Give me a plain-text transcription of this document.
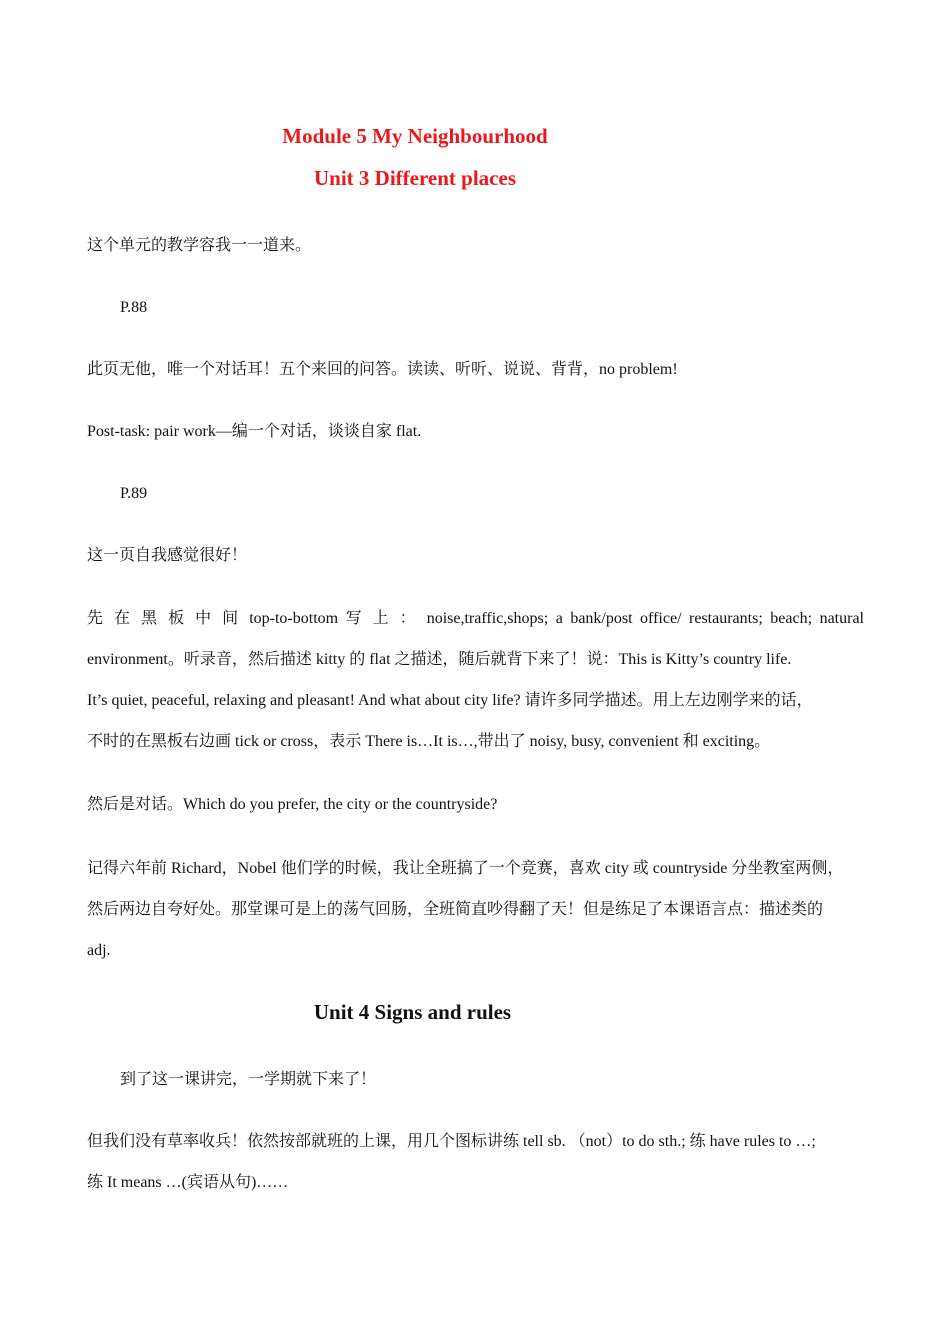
Module 5 My Neighbourhood
Unit 3 Different places
这个单元的教学容我一一道来。
P.88
此页无他，唯一个对话耳！五个来回的问答。读读、听听、说说、背背，no problem!
Post-task: pair work—编一个对话，谈谈自家 flat.
P.89
这一页自我感觉很好！
先 在 黑 板 中 间 top-to-bottom 写 上 ： noise,traffic,shops; a bank/post office/ restaurants; beach; natural
environment。听录音，然后描述 kitty 的 flat 之描述，随后就背下来了！说：This is Kitty’s country life.
It’s quiet, peaceful, relaxing and pleasant! And what about city life? 请许多同学描述。用上左边刚学来的话，
不时的在黑板右边画 tick or cross，表示 There is…It is…,带出了 noisy, busy, convenient 和 exciting。
然后是对话。Which do you prefer, the city or the countryside?
记得六年前 Richard，Nobel 他们学的时候，我让全班搞了一个竞赛，喜欢 city 或 countryside 分坐教室两侧，
然后两边自夸好处。那堂课可是上的荡气回肠，全班简直吵得翻了天！但是练足了本课语言点：描述类的
adj.
Unit 4 Signs and rules
到了这一课讲完，一学期就下来了！
但我们没有草率收兵！依然按部就班的上课，用几个图标讲练 tell sb. （not）to do sth.; 练 have rules to …;
练 It means …(宾语从句)……
